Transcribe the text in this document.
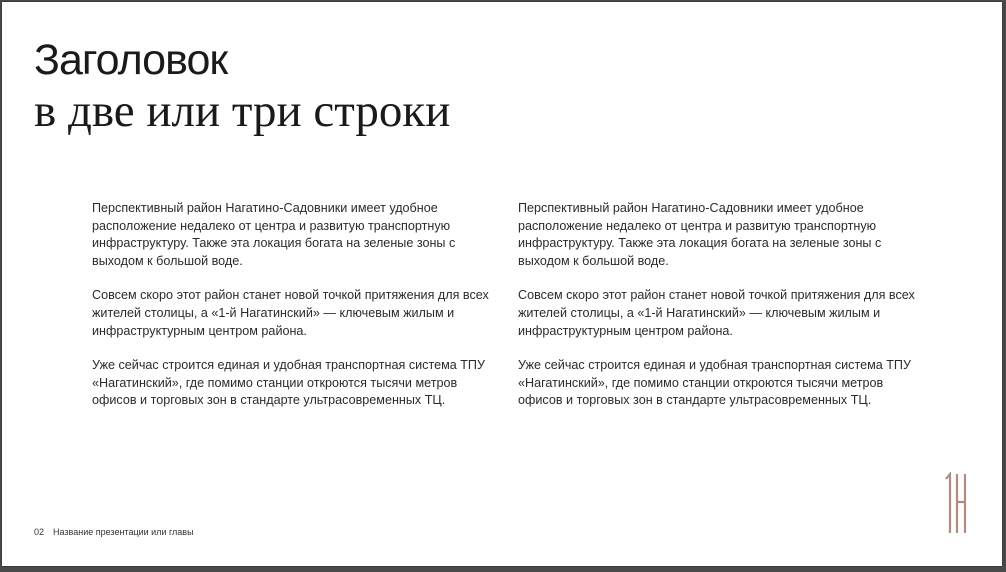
Заголовок
в две или три строки

Перспективный район Нагатино-Садовники имеет удобное расположение недалеко от центра и развитую транспортную инфраструктуру. Также эта локация богата на зеленые зоны с выходом к большой воде.

Совсем скоро этот район станет новой точкой притяжения для всех жителей столицы, а «1-й Нагатинский» — ключевым жилым и инфраструктурным центром района.

Уже сейчас строится единая и удобная транспортная система ТПУ «Нагатинский», где помимо станции откроются тысячи метров офисов и торговых зон в стандарте ультрасовременных ТЦ.

Перспективный район Нагатино-Садовники имеет удобное расположение недалеко от центра и развитую транспортную инфраструктуру. Также эта локация богата на зеленые зоны с выходом к большой воде.

Совсем скоро этот район станет новой точкой притяжения для всех жителей столицы, а «1-й Нагатинский» — ключевым жилым и инфраструктурным центром района.

Уже сейчас строится единая и удобная транспортная система ТПУ «Нагатинский», где помимо станции откроются тысячи метров офисов и торговых зон в стандарте ультрасовременных ТЦ.

02 Название презентации или главы
